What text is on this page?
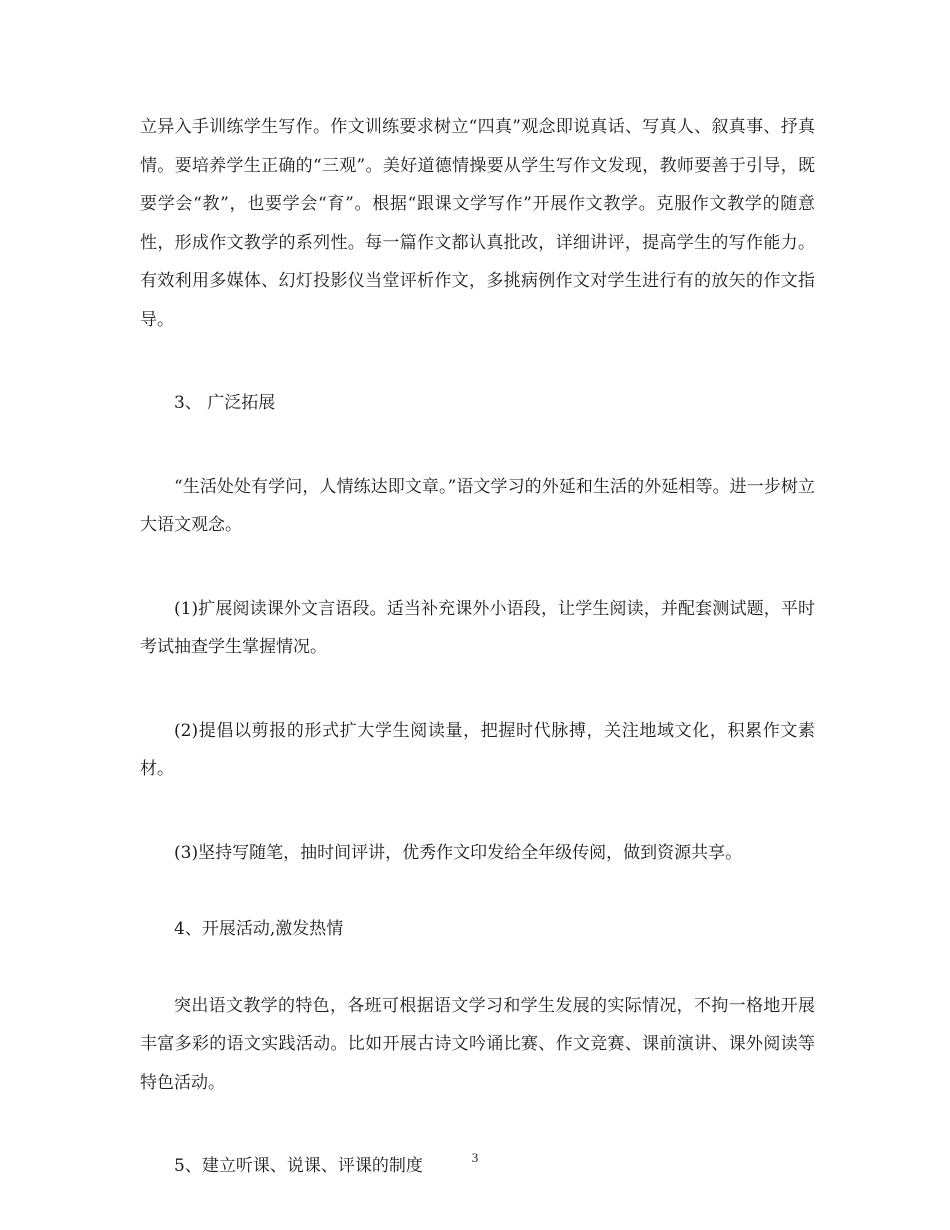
立异入手训练学生写作。作文训练要求树立“四真”观念即说真话、写真人、叙真事、抒真情。要培养学生正确的“三观”。美好道德情操要从学生写作文发现，教师要善于引导，既要学会“教”，也要学会“育”。根据“跟课文学写作”开展作文教学。克服作文教学的随意性，形成作文教学的系列性。每一篇作文都认真批改，详细讲评，提高学生的写作能力。有效利用多媒体、幻灯投影仪当堂评析作文，多挑病例作文对学生进行有的放矢的作文指导。

3、 广泛拓展

“生活处处有学问，人情练达即文章。”语文学习的外延和生活的外延相等。进一步树立大语文观念。

(1)扩展阅读课外文言语段。适当补充课外小语段，让学生阅读，并配套测试题，平时考试抽查学生掌握情况。

(2)提倡以剪报的形式扩大学生阅读量，把握时代脉搏，关注地域文化，积累作文素材。

(3)坚持写随笔，抽时间评讲，优秀作文印发给全年级传阅，做到资源共享。

4、开展活动,激发热情

突出语文教学的特色，各班可根据语文学习和学生发展的实际情况，不拘一格地开展丰富多彩的语文实践活动。比如开展古诗文吟诵比赛、作文竞赛、课前演讲、课外阅读等特色活动。

5、建立听课、说课、评课的制度	3
